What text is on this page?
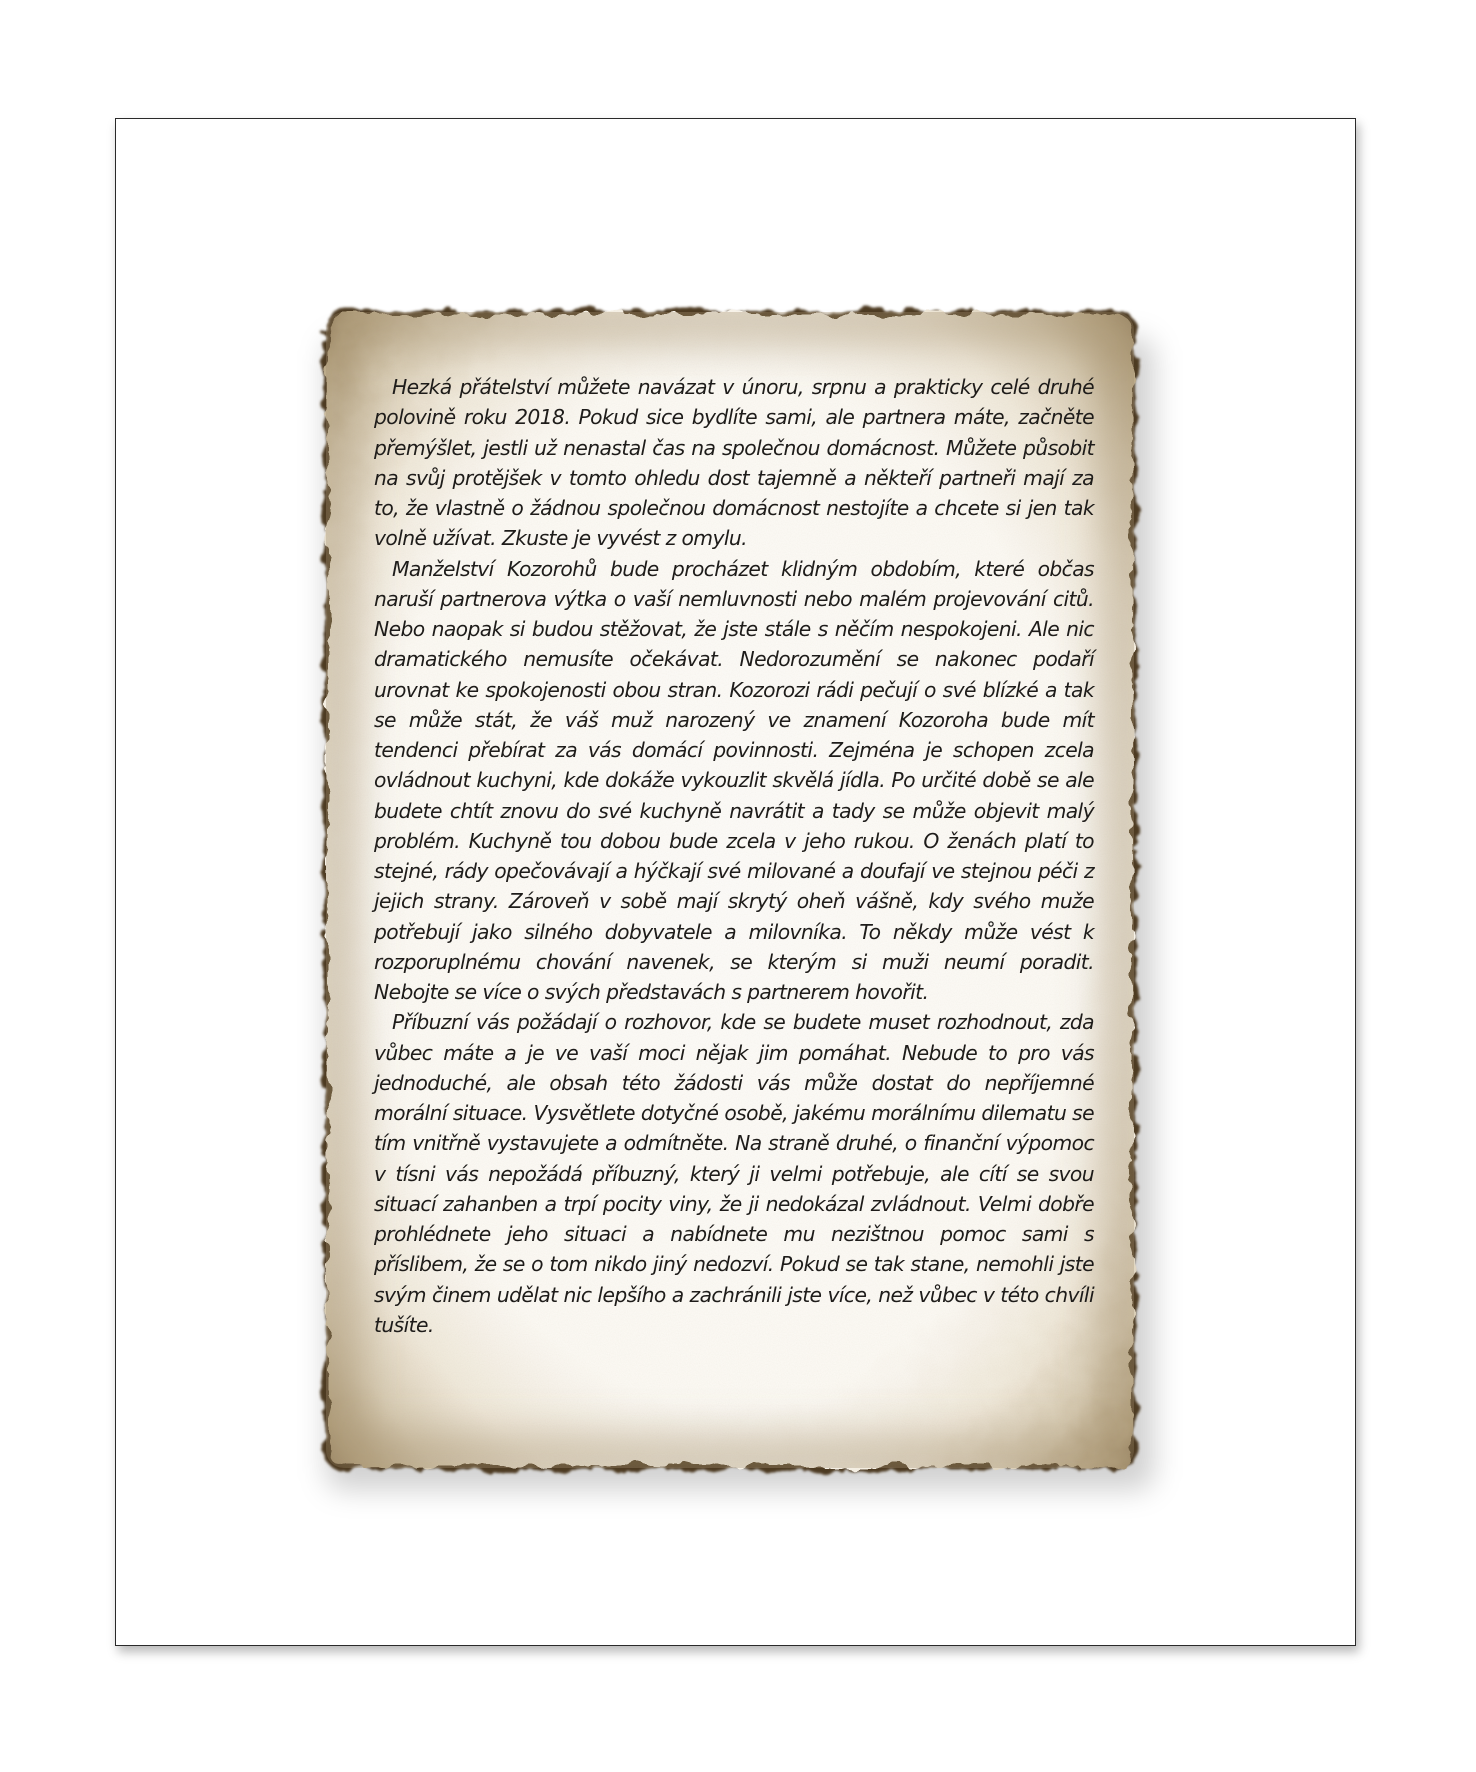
Hezká přátelství můžete navázat v únoru, srpnu a prakticky celé druhé polovině roku 2018. Pokud sice bydlíte sami, ale partnera máte, začněte přemýšlet, jestli už nenastal čas na společnou domácnost. Můžete působit na svůj protějšek v tomto ohledu dost tajemně a někteří partneři mají za to, že vlastně o žádnou společnou domácnost nestojíte a chcete si jen tak volně užívat. Zkuste je vyvést z omylu.

Manželství Kozorohů bude procházet klidným obdobím, které občas naruší partnerova výtka o vaší nemluvnosti nebo malém projevování citů. Nebo naopak si budou stěžovat, že jste stále s něčím nespokojeni. Ale nic dramatického nemusíte očekávat. Nedorozumění se nakonec podaří urovnat ke spokojenosti obou stran. Kozorozi rádi pečují o své blízké a tak se může stát, že váš muž narozený ve znamení Kozoroha bude mít tendenci přebírat za vás domácí povinnosti. Zejména je schopen zcela ovládnout kuchyni, kde dokáže vykouzlit skvělá jídla. Po určité době se ale budete chtít znovu do své kuchyně navrátit a tady se může objevit malý problém. Kuchyně tou dobou bude zcela v jeho rukou. O ženách platí to stejné, rády opečovávají a hýčkají své milované a doufají ve stejnou péči z jejich strany. Zároveň v sobě mají skrytý oheň vášně, kdy svého muže potřebují jako silného dobyvatele a milovníka. To někdy může vést k rozporuplnému chování navenek, se kterým si muži neumí poradit. Nebojte se více o svých představách s partnerem hovořit.

Příbuzní vás požádají o rozhovor, kde se budete muset rozhodnout, zda vůbec máte a je ve vaší moci nějak jim pomáhat. Nebude to pro vás jednoduché, ale obsah této žádosti vás může dostat do nepříjemné morální situace. Vysvětlete dotyčné osobě, jakému morálnímu dilematu se tím vnitřně vystavujete a odmítněte. Na straně druhé, o finanční výpomoc v tísni vás nepožádá příbuzný, který ji velmi potřebuje, ale cítí se svou situací zahanben a trpí pocity viny, že ji nedokázal zvládnout. Velmi dobře prohlédnete jeho situaci a nabídnete mu nezištnou pomoc sami s příslibem, že se o tom nikdo jiný nedozví. Pokud se tak stane, nemohli jste svým činem udělat nic lepšího a zachránili jste více, než vůbec v této chvíli tušíte.
